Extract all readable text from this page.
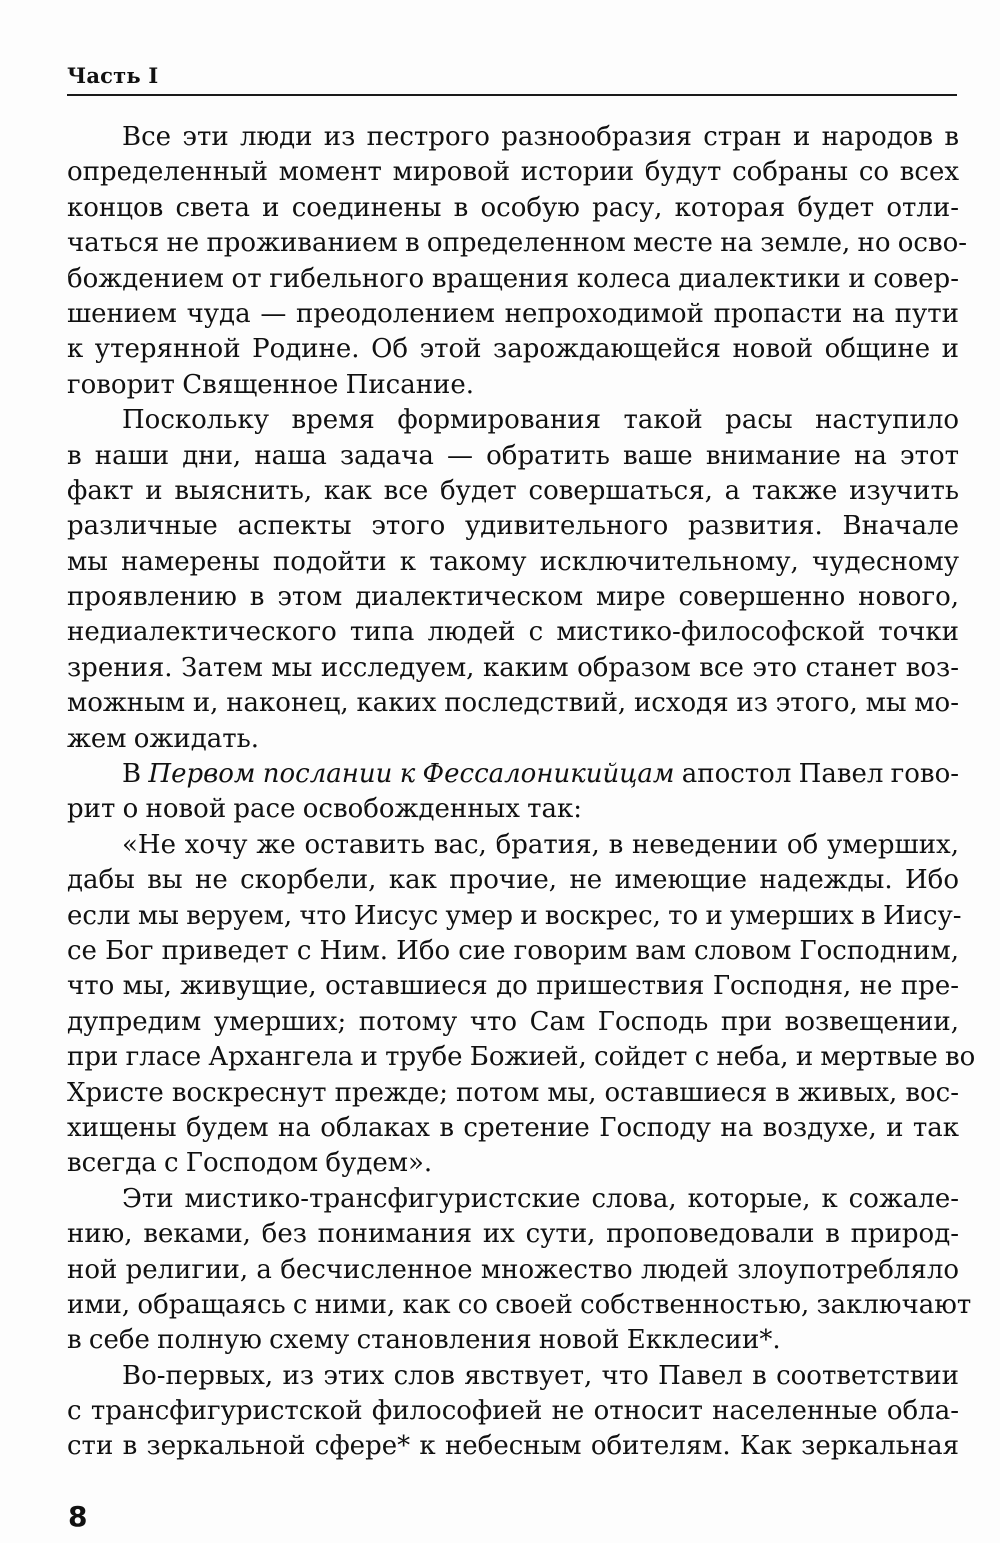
Часть I
Все эти люди из пестрого разнообразия стран и народов в
определенный момент мировой истории будут собраны со всех
концов света и соединены в особую расу, которая будет отли-
чаться не проживанием в определенном месте на земле, но осво-
бождением от гибельного вращения колеса диалектики и совер-
шением чуда — преодолением непроходимой пропасти на пути
к утерянной Родине. Об этой зарождающейся новой общине и
говорит Священное Писание.
Поскольку время формирования такой расы наступило
в наши дни, наша задача — обратить ваше внимание на этот
факт и выяснить, как все будет совершаться, а также изучить
различные аспекты этого удивительного развития. Вначале
мы намерены подойти к такому исключительному, чудесному
проявлению в этом диалектическом мире совершенно нового,
недиалектического типа людей с мистико-философской точки
зрения. Затем мы исследуем, каким образом все это станет воз-
можным и, наконец, каких последствий, исходя из этого, мы мо-
жем ожидать.
В Первом послании к Фессалоникийцам апостол Павел гово-
рит о новой расе освобожденных так:
«Не хочу же оставить вас, братия, в неведении об умерших,
дабы вы не скорбели, как прочие, не имеющие надежды. Ибо
если мы веруем, что Иисус умер и воскрес, то и умерших в Иису-
се Бог приведет с Ним. Ибо сие говорим вам словом Господним,
что мы, живущие, оставшиеся до пришествия Господня, не пре-
дупредим умерших; потому что Сам Господь при возвещении,
при гласе Архангела и трубе Божией, сойдет с неба, и мертвые во
Христе воскреснут прежде; потом мы, оставшиеся в живых, вос-
хищены будем на облаках в сретение Господу на воздухе, и так
всегда с Господом будем».
Эти мистико-трансфигуристские слова, которые, к сожале-
нию, веками, без понимания их сути, проповедовали в природ-
ной религии, а бесчисленное множество людей злоупотребляло
ими, обращаясь с ними, как со своей собственностью, заключают
в себе полную схему становления новой Екклесии*.
Во-первых, из этих слов явствует, что Павел в соответствии
с трансфигуристской философией не относит населенные обла-
сти в зеркальной сфере* к небесным обителям. Как зеркальная
8
